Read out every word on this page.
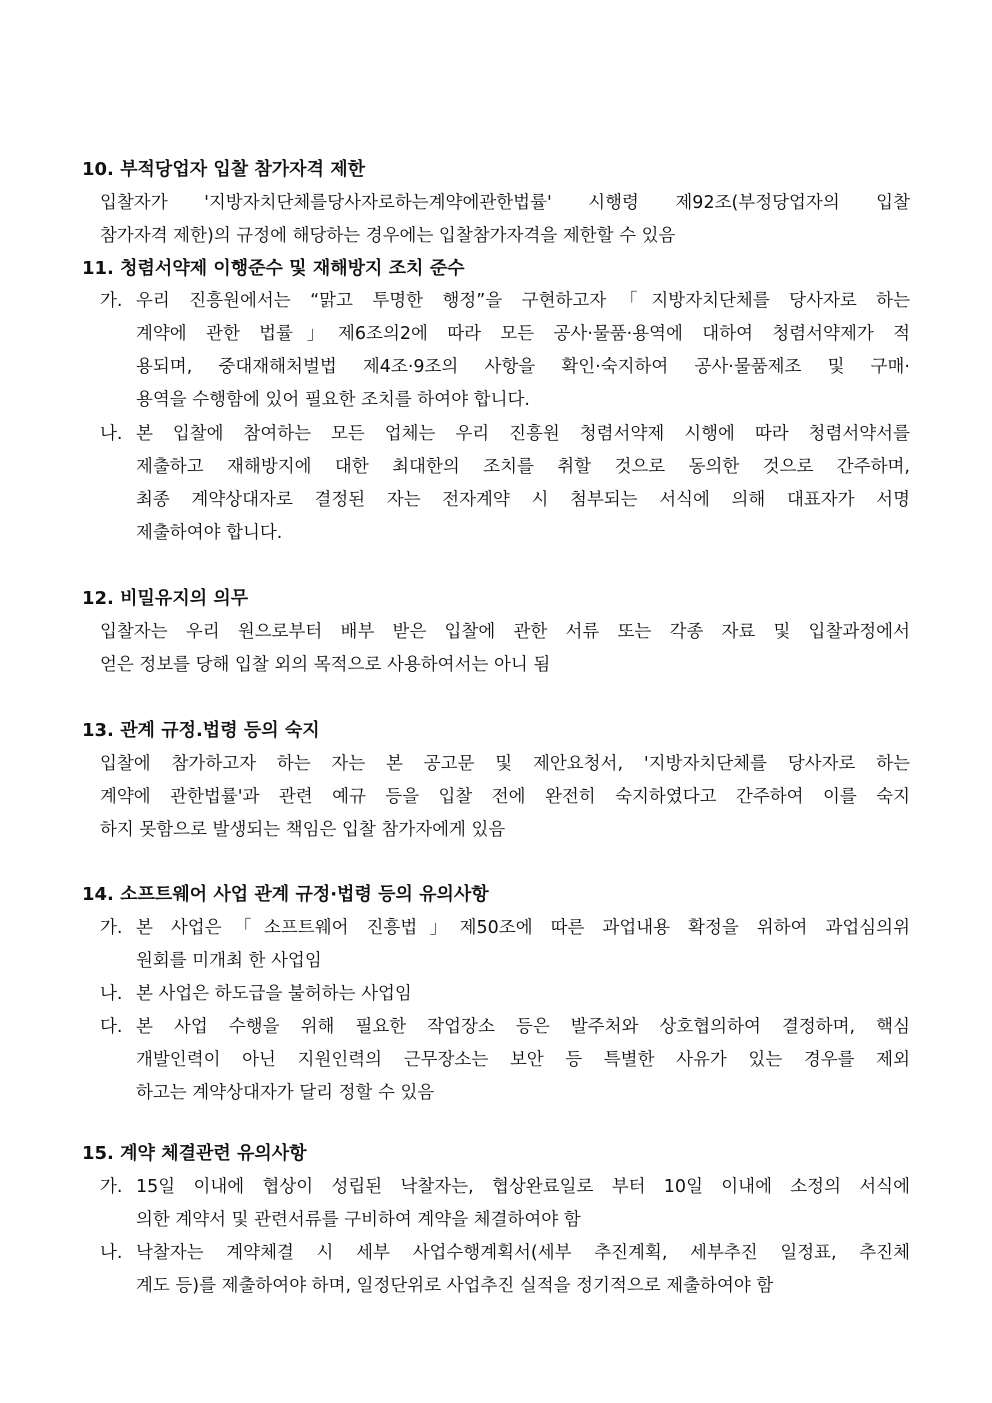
10. 부적당업자 입찰 참가자격 제한
입찰자가 '지방자치단체를당사자로하는계약에관한법률' 시행령 제92조(부정당업자의 입찰
참가자격 제한)의 규정에 해당하는 경우에는 입찰참가자격을 제한할 수 있음
11. 청렴서약제 이행준수 및 재해방지 조치 준수
가. 우리 진흥원에서는 “맑고 투명한 행정”을 구현하고자「지방자치단체를 당사자로 하는
계약에 관한 법률」제6조의2에 따라 모든 공사·물품·용역에 대하여 청렴서약제가 적
용되며, 중대재해처벌법 제4조·9조의 사항을 확인·숙지하여 공사·물품제조 및 구매·
용역을 수행함에 있어 필요한 조치를 하여야 합니다.
나. 본 입찰에 참여하는 모든 업체는 우리 진흥원 청렴서약제 시행에 따라 청렴서약서를
제출하고 재해방지에 대한 최대한의 조치를 취할 것으로 동의한 것으로 간주하며,
최종 계약상대자로 결정된 자는 전자계약 시 첨부되는 서식에 의해 대표자가 서명
제출하여야 합니다.
12. 비밀유지의 의무
입찰자는 우리 원으로부터 배부 받은 입찰에 관한 서류 또는 각종 자료 및 입찰과정에서
얻은 정보를 당해 입찰 외의 목적으로 사용하여서는 아니 됨
13. 관계 규정.법령 등의 숙지
입찰에 참가하고자 하는 자는 본 공고문 및 제안요청서, '지방자치단체를 당사자로 하는
계약에 관한법률'과 관련 예규 등을 입찰 전에 완전히 숙지하였다고 간주하여 이를 숙지
하지 못함으로 발생되는 책임은 입찰 참가자에게 있음
14. 소프트웨어 사업 관계 규정·법령 등의 유의사항
가. 본 사업은「소프트웨어 진흥법」제50조에 따른 과업내용 확정을 위하여 과업심의위
원회를 미개최 한 사업임
나. 본 사업은 하도급을 불허하는 사업임
다. 본 사업 수행을 위해 필요한 작업장소 등은 발주처와 상호협의하여 결정하며, 핵심
개발인력이 아닌 지원인력의 근무장소는 보안 등 특별한 사유가 있는 경우를 제외
하고는 계약상대자가 달리 정할 수 있음
15. 계약 체결관련 유의사항
가. 15일 이내에 협상이 성립된 낙찰자는, 협상완료일로 부터 10일 이내에 소정의 서식에
의한 계약서 및 관련서류를 구비하여 계약을 체결하여야 함
나. 낙찰자는 계약체결 시 세부 사업수행계획서(세부 추진계획, 세부추진 일정표, 추진체
계도 등)를 제출하여야 하며, 일정단위로 사업추진 실적을 정기적으로 제출하여야 함
